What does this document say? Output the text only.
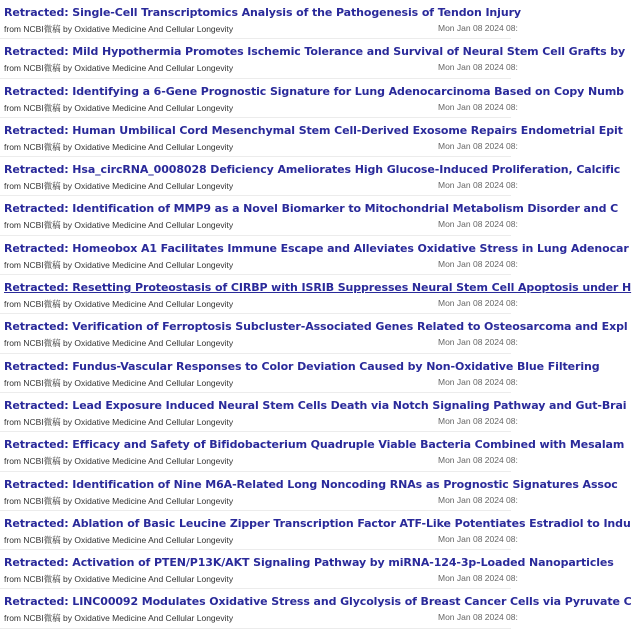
Retracted: Single-Cell Transcriptomics Analysis of the Pathogenesis of Tendon Injury
from NCBI微稿 by Oxidative Medicine And Cellular Longevity	Mon Jan 08 2024 08:
Retracted: Mild Hypothermia Promotes Ischemic Tolerance and Survival of Neural Stem Cell Grafts by
from NCBI微稿 by Oxidative Medicine And Cellular Longevity	Mon Jan 08 2024 08:
Retracted: Identifying a 6-Gene Prognostic Signature for Lung Adenocarcinoma Based on Copy Numb
from NCBI微稿 by Oxidative Medicine And Cellular Longevity	Mon Jan 08 2024 08:
Retracted: Human Umbilical Cord Mesenchymal Stem Cell-Derived Exosome Repairs Endometrial Epit
from NCBI微稿 by Oxidative Medicine And Cellular Longevity	Mon Jan 08 2024 08:
Retracted: Hsa_circRNA_0008028 Deficiency Ameliorates High Glucose-Induced Proliferation, Calcific
from NCBI微稿 by Oxidative Medicine And Cellular Longevity	Mon Jan 08 2024 08:
Retracted: Identification of MMP9 as a Novel Biomarker to Mitochondrial Metabolism Disorder and C
from NCBI微稿 by Oxidative Medicine And Cellular Longevity	Mon Jan 08 2024 08:
Retracted: Homeobox A1 Facilitates Immune Escape and Alleviates Oxidative Stress in Lung Adenocar
from NCBI微稿 by Oxidative Medicine And Cellular Longevity	Mon Jan 08 2024 08:
Retracted: Resetting Proteostasis of CIRBP with ISRIB Suppresses Neural Stem Cell Apoptosis under H
from NCBI微稿 by Oxidative Medicine And Cellular Longevity	Mon Jan 08 2024 08:
Retracted: Verification of Ferroptosis Subcluster-Associated Genes Related to Osteosarcoma and Expl
from NCBI微稿 by Oxidative Medicine And Cellular Longevity	Mon Jan 08 2024 08:
Retracted: Fundus-Vascular Responses to Color Deviation Caused by Non-Oxidative Blue Filtering
from NCBI微稿 by Oxidative Medicine And Cellular Longevity	Mon Jan 08 2024 08:
Retracted: Lead Exposure Induced Neural Stem Cells Death via Notch Signaling Pathway and Gut-Brai
from NCBI微稿 by Oxidative Medicine And Cellular Longevity	Mon Jan 08 2024 08:
Retracted: Efficacy and Safety of Bifidobacterium Quadruple Viable Bacteria Combined with Mesalam
from NCBI微稿 by Oxidative Medicine And Cellular Longevity	Mon Jan 08 2024 08:
Retracted: Identification of Nine M6A-Related Long Noncoding RNAs as Prognostic Signatures Assoc
from NCBI微稿 by Oxidative Medicine And Cellular Longevity	Mon Jan 08 2024 08:
Retracted: Ablation of Basic Leucine Zipper Transcription Factor ATF-Like Potentiates Estradiol to Indu
from NCBI微稿 by Oxidative Medicine And Cellular Longevity	Mon Jan 08 2024 08:
Retracted: Activation of PTEN/P13K/AKT Signaling Pathway by miRNA-124-3p-Loaded Nanoparticles
from NCBI微稿 by Oxidative Medicine And Cellular Longevity	Mon Jan 08 2024 08:
Retracted: LINC00092 Modulates Oxidative Stress and Glycolysis of Breast Cancer Cells via Pyruvate C
from NCBI微稿 by Oxidative Medicine And Cellular Longevity	Mon Jan 08 2024 08:
